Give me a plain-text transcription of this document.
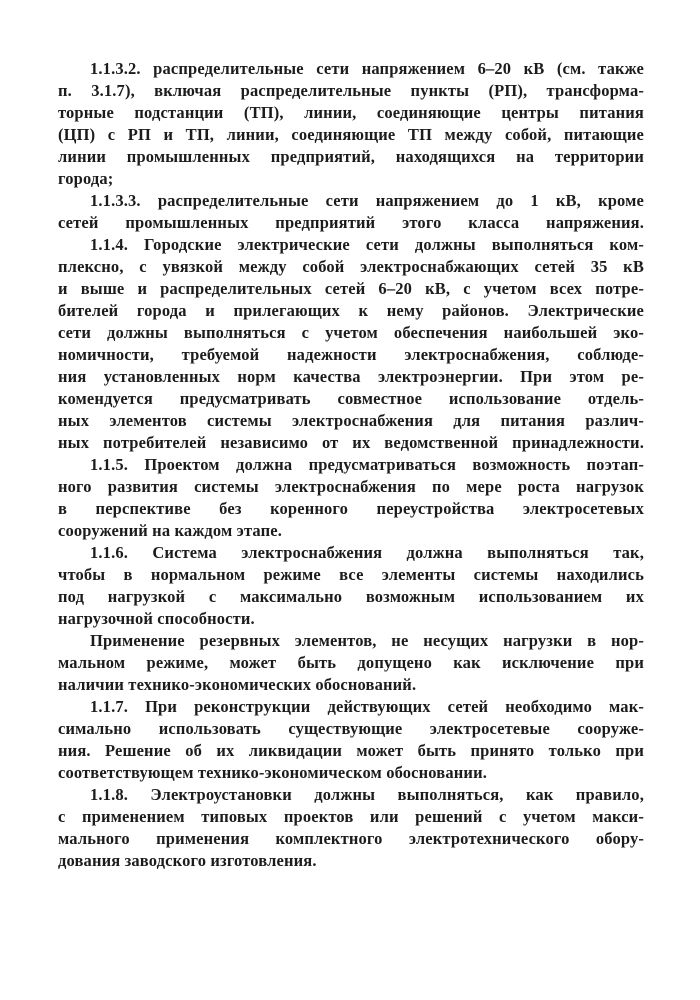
1.1.3.2. распределительные сети напряжением 6–20 кВ (см. также
п. 3.1.7), включая распределительные пункты (РП), трансформа-
торные подстанции (ТП), линии, соединяющие центры питания
(ЦП) с РП и ТП, линии, соединяющие ТП между собой, питающие
линии промышленных предприятий, находящихся на территории
города;

1.1.3.3. распределительные сети напряжением до 1 кВ, кроме
сетей промышленных предприятий этого класса напряжения.

1.1.4. Городские электрические сети должны выполняться ком-
плексно, с увязкой между собой электроснабжающих сетей 35 кВ
и выше и распределительных сетей 6–20 кВ, с учетом всех потре-
бителей города и прилегающих к нему районов. Электрические
сети должны выполняться с учетом обеспечения наибольшей эко-
номичности, требуемой надежности электроснабжения, соблюде-
ния установленных норм качества электроэнергии. При этом ре-
комендуется предусматривать совместное использование отдель-
ных элементов системы электроснабжения для питания различ-
ных потребителей независимо от их ведомственной принадлежности.

1.1.5. Проектом должна предусматриваться возможность поэтап-
ного развития системы электроснабжения по мере роста нагрузок
в перспективе без коренного переустройства электросетевых
сооружений на каждом этапе.

1.1.6. Система электроснабжения должна выполняться так,
чтобы в нормальном режиме все элементы системы находились
под нагрузкой с максимально возможным использованием их
нагрузочной способности.

Применение резервных элементов, не несущих нагрузки в нор-
мальном режиме, может быть допущено как исключение при
наличии технико-экономических обоснований.

1.1.7. При реконструкции действующих сетей необходимо мак-
симально использовать существующие электросетевые сооруже-
ния. Решение об их ликвидации может быть принято только при
соответствующем технико-экономическом обосновании.

1.1.8. Электроустановки должны выполняться, как правило,
с применением типовых проектов или решений с учетом макси-
мального применения комплектного электротехнического обору-
дования заводского изготовления.
